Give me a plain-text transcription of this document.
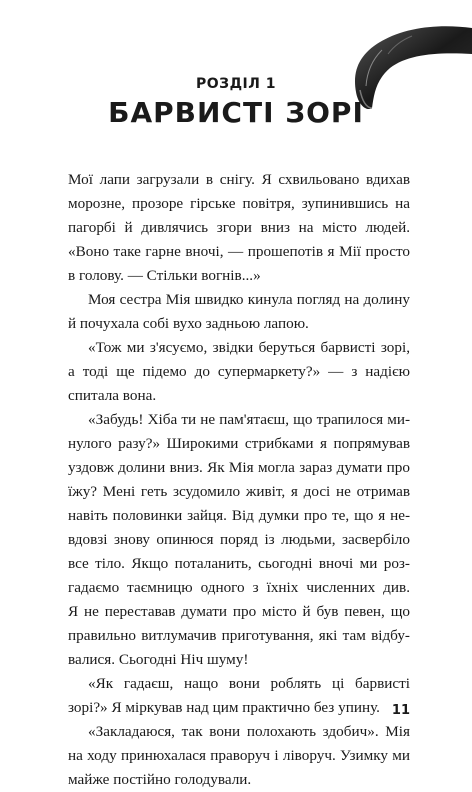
РОЗДІЛ 1
БАРВИСТІ ЗОРІ
Мої лапи загрузали в снігу. Я схвильовано вдихав
морозне, прозоре гірське повітря, зупинившись на
пагорбі й дивлячись згори вниз на місто людей.
«Воно таке гарне вночі, — прошепотів я Мії просто
в голову. — Стільки вогнів...»
Моя сестра Мія швидко кинула погляд на долину
й почухала собі вухо задньою лапою.
«Тож ми з'ясуємо, звідки беруться барвисті зорі,
а тоді ще підемо до супермаркету?» — з надією
спитала вона.
«Забудь! Хіба ти не пам'ятаєш, що трапилося ми-
нулого разу?» Широкими стрибками я попрямував
уздовж долини вниз. Як Мія могла зараз думати про
їжу? Мені геть зсудомило живіт, я досі не отримав
навіть половинки зайця. Від думки про те, що я не-
вдовзі знову опинюся поряд із людьми, засвербіло
все тіло. Якщо поталанить, сьогодні вночі ми роз-
гадаємо таємницю одного з їхніх численних див.
Я не переставав думати про місто й був певен, що
правильно витлумачив приготування, які там відбу-
валися. Сьогодні Ніч шуму!
«Як гадаєш, нащо вони роблять ці барвисті
зорі?» Я міркував над цим практично без упину.
«Закладаюся, так вони полохають здобич». Мія
на ходу принюхалася праворуч і ліворуч. Узимку ми
майже постійно голодували.
11
